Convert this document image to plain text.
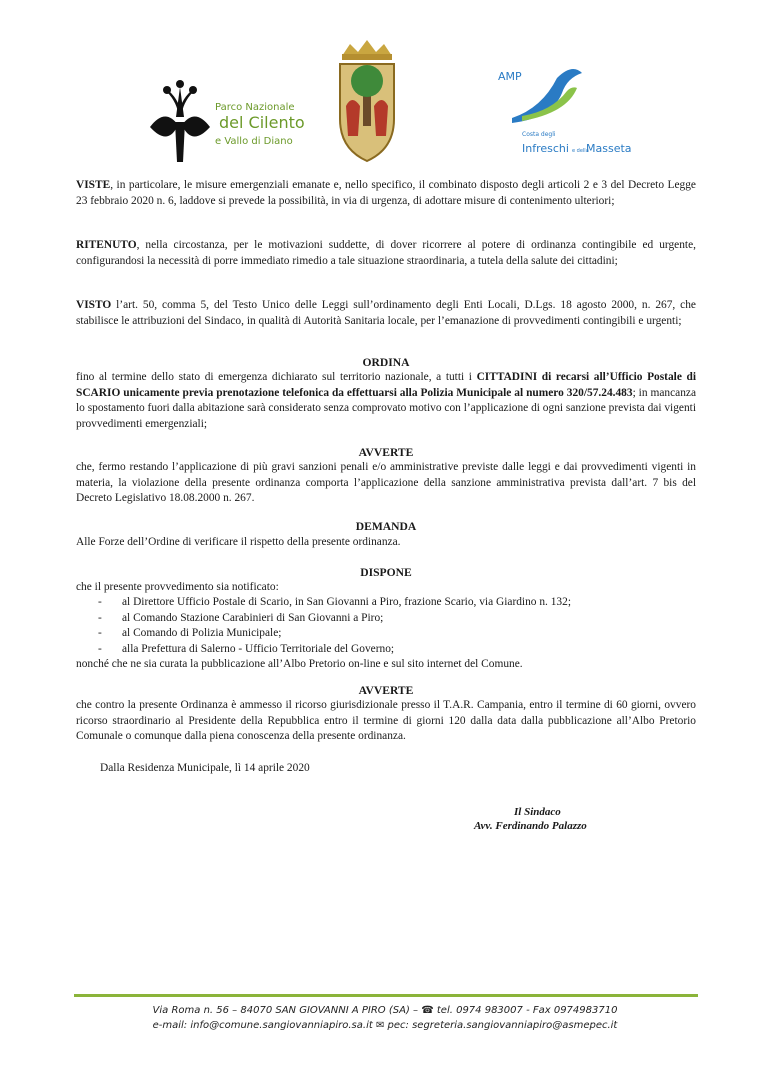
Parco Nazionale
del Cilento
e Vallo di Diano
AMP
Costa degli
Infreschi e della
Masseta
VISTE, in particolare, le misure emergenziali emanate e, nello specifico, il combinato disposto degli articoli 2 e 3 del Decreto Legge 23 febbraio 2020 n. 6, laddove si prevede la possibilità, in via di urgenza, di adottare misure di contenimento ulteriori;
RITENUTO, nella circostanza, per le motivazioni suddette, di dover ricorrere al potere di ordinanza contingibile ed urgente, configurandosi la necessità di porre immediato rimedio a tale situazione straordinaria, a tutela della salute dei cittadini;
VISTO l’art. 50, comma 5, del Testo Unico delle Leggi sull’ordinamento degli Enti Locali, D.Lgs. 18 agosto 2000, n. 267, che stabilisce le attribuzioni del Sindaco, in qualità di Autorità Sanitaria locale, per l’emanazione di provvedimenti contingibili e urgenti;
ORDINA
fino al termine dello stato di emergenza dichiarato sul territorio nazionale, a tutti i CITTADINI di recarsi all’Ufficio Postale di SCARIO unicamente previa prenotazione telefonica da effettuarsi alla Polizia Municipale al numero 320/57.24.483; in mancanza lo spostamento fuori dalla abitazione sarà considerato senza comprovato motivo con l’applicazione di ogni sanzione prevista dai vigenti provvedimenti emergenziali;
AVVERTE
che, fermo restando l’applicazione di più gravi sanzioni penali e/o amministrative previste dalle leggi e dai provvedimenti vigenti in materia, la violazione della presente ordinanza comporta l’applicazione della sanzione amministrativa prevista dall’art. 7 bis del Decreto Legislativo 18.08.2000 n. 267.
DEMANDA
Alle Forze dell’Ordine di verificare il rispetto della presente ordinanza.
DISPONE
che il presente provvedimento sia notificato:
- al Direttore Ufficio Postale di Scario, in San Giovanni a Piro, frazione Scario, via Giardino n. 132;
- al Comando Stazione Carabinieri di San Giovanni a Piro;
- al Comando di Polizia Municipale;
- alla Prefettura di Salerno - Ufficio Territoriale del Governo;
nonché che ne sia curata la pubblicazione all’Albo Pretorio on-line e sul sito internet del Comune.
AVVERTE
che contro la presente Ordinanza è ammesso il ricorso giurisdizionale presso il T.A.R. Campania, entro il termine di 60 giorni, ovvero ricorso straordinario al Presidente della Repubblica entro il termine di giorni 120 dalla data dalla pubblicazione all’Albo Pretorio Comunale o comunque dalla piena conoscenza della presente ordinanza.
Dalla Residenza Municipale, lì 14 aprile 2020
Il Sindaco
Avv. Ferdinando Palazzo
Via Roma n. 56 – 84070 SAN GIOVANNI A PIRO (SA) – ☎ tel. 0974 983007 - Fax 0974983710
e-mail: info@comune.sangiovanniapiro.sa.it ✉ pec: segreteria.sangiovanniapiro@asmepec.it
